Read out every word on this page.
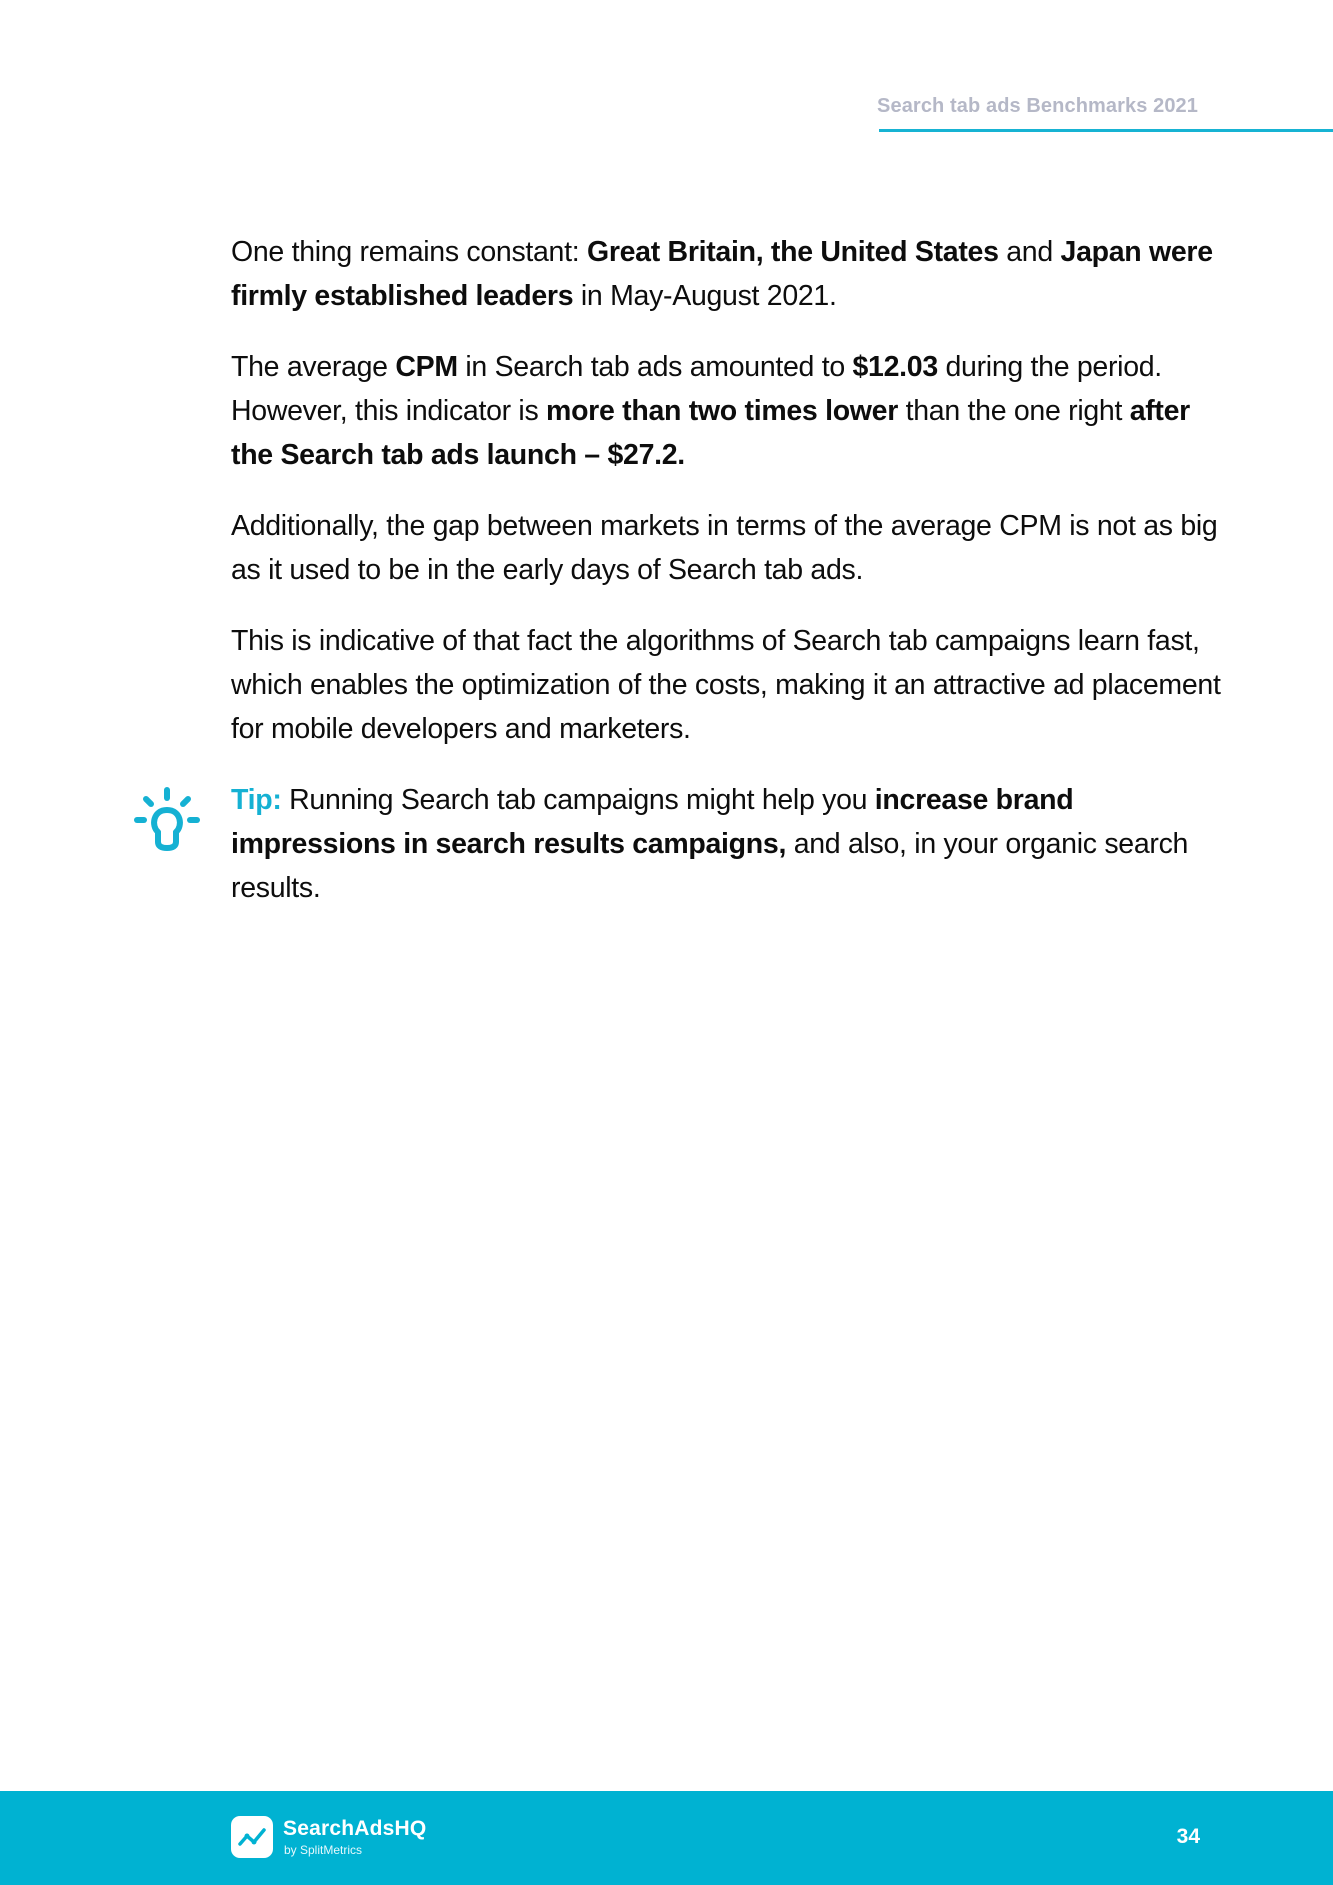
Search tab ads Benchmarks 2021

One thing remains constant: Great Britain, the United States and Japan were firmly established leaders in May-August 2021.

The average CPM in Search tab ads amounted to $12.03 during the period. However, this indicator is more than two times lower than the one right after the Search tab ads launch – $27.2.

Additionally, the gap between markets in terms of the average CPM is not as big as it used to be in the early days of Search tab ads.

This is indicative of that fact the algorithms of Search tab campaigns learn fast, which enables the optimization of the costs, making it an attractive ad placement for mobile developers and marketers.

Tip: Running Search tab campaigns might help you increase brand impressions in search results campaigns, and also, in your organic search results.

SearchAdsHQ
by SplitMetrics
34
